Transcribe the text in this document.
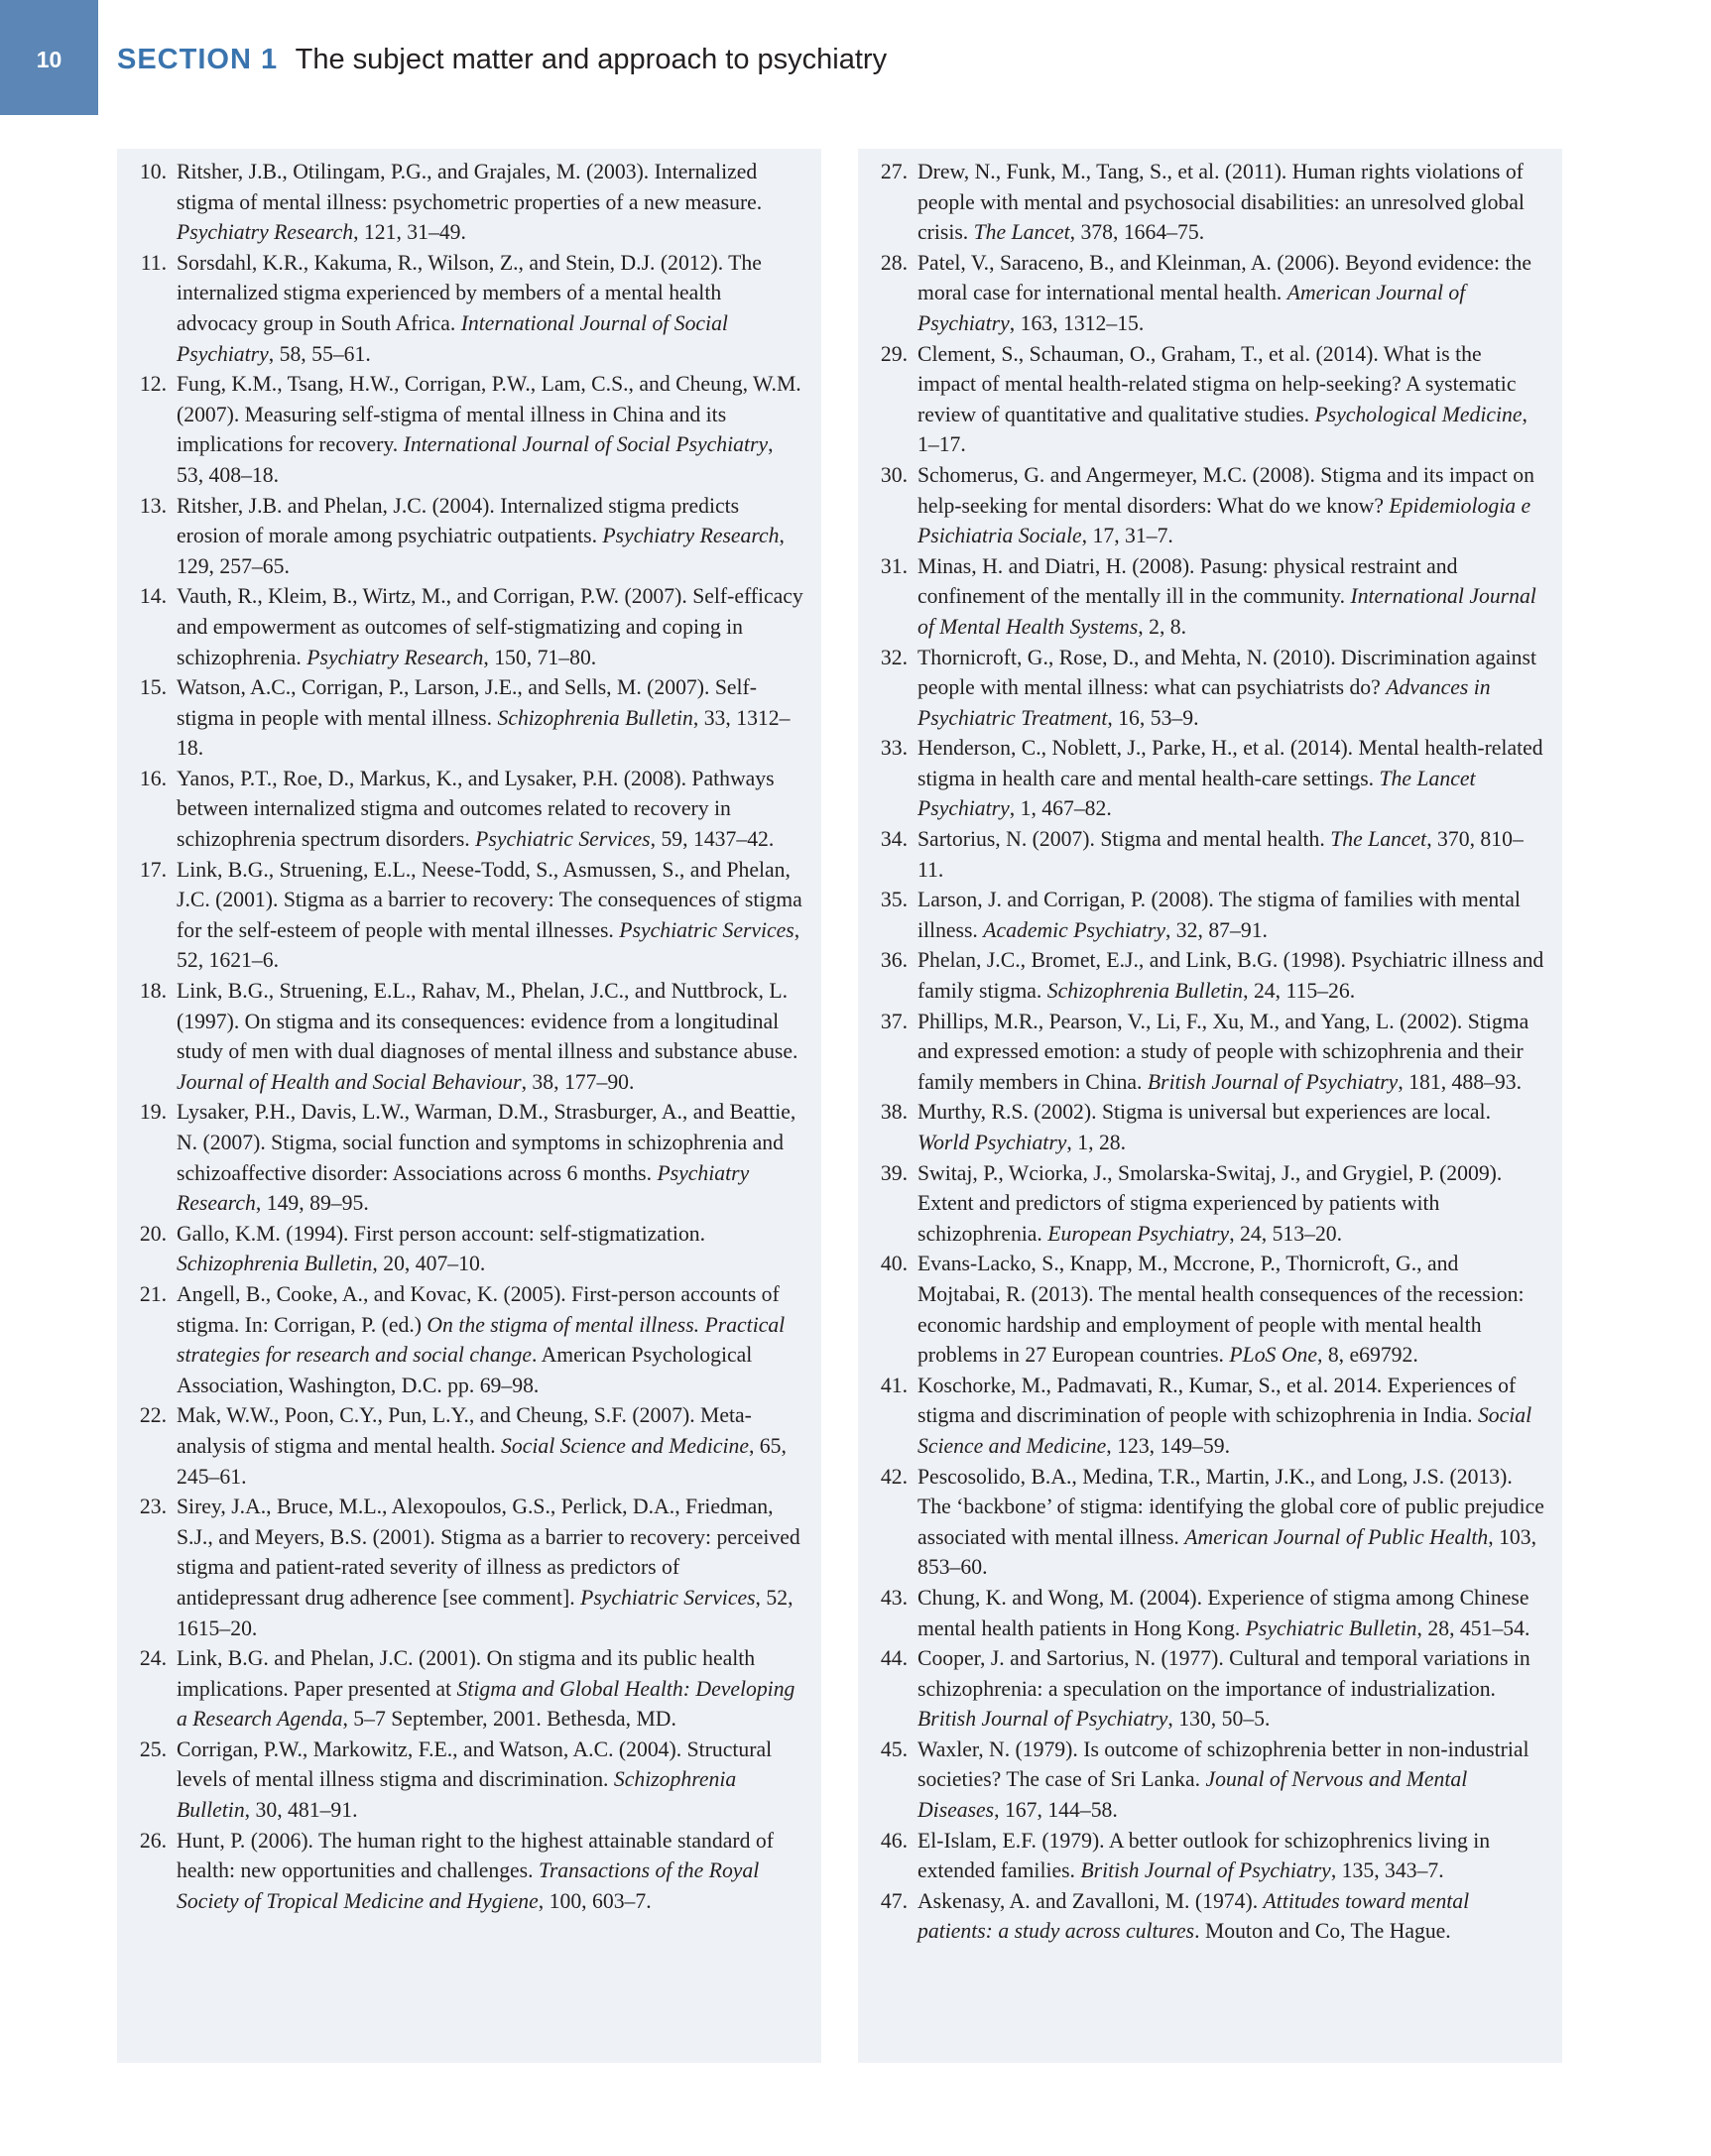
10 SECTION 1 The subject matter and approach to psychiatry
10. Ritsher, J.B., Otilingam, P.G., and Grajales, M. (2003). Internalized stigma of mental illness: psychometric properties of a new measure. Psychiatry Research, 121, 31–49.
11. Sorsdahl, K.R., Kakuma, R., Wilson, Z., and Stein, D.J. (2012). The internalized stigma experienced by members of a mental health advocacy group in South Africa. International Journal of Social Psychiatry, 58, 55–61.
12. Fung, K.M., Tsang, H.W., Corrigan, P.W., Lam, C.S., and Cheung, W.M. (2007). Measuring self-stigma of mental illness in China and its implications for recovery. International Journal of Social Psychiatry, 53, 408–18.
13. Ritsher, J.B. and Phelan, J.C. (2004). Internalized stigma predicts erosion of morale among psychiatric outpatients. Psychiatry Research, 129, 257–65.
14. Vauth, R., Kleim, B., Wirtz, M., and Corrigan, P.W. (2007). Self-efficacy and empowerment as outcomes of self-stigmatizing and coping in schizophrenia. Psychiatry Research, 150, 71–80.
15. Watson, A.C., Corrigan, P., Larson, J.E., and Sells, M. (2007). Self-stigma in people with mental illness. Schizophrenia Bulletin, 33, 1312–18.
16. Yanos, P.T., Roe, D., Markus, K., and Lysaker, P.H. (2008). Pathways between internalized stigma and outcomes related to recovery in schizophrenia spectrum disorders. Psychiatric Services, 59, 1437–42.
17. Link, B.G., Struening, E.L., Neese-Todd, S., Asmussen, S., and Phelan, J.C. (2001). Stigma as a barrier to recovery: The consequences of stigma for the self-esteem of people with mental illnesses. Psychiatric Services, 52, 1621–6.
18. Link, B.G., Struening, E.L., Rahav, M., Phelan, J.C., and Nuttbrock, L. (1997). On stigma and its consequences: evidence from a longitudinal study of men with dual diagnoses of mental illness and substance abuse. Journal of Health and Social Behaviour, 38, 177–90.
19. Lysaker, P.H., Davis, L.W., Warman, D.M., Strasburger, A., and Beattie, N. (2007). Stigma, social function and symptoms in schizophrenia and schizoaffective disorder: Associations across 6 months. Psychiatry Research, 149, 89–95.
20. Gallo, K.M. (1994). First person account: self-stigmatization. Schizophrenia Bulletin, 20, 407–10.
21. Angell, B., Cooke, A., and Kovac, K. (2005). First-person accounts of stigma. In: Corrigan, P. (ed.) On the stigma of mental illness. Practical strategies for research and social change. American Psychological Association, Washington, D.C. pp. 69–98.
22. Mak, W.W., Poon, C.Y., Pun, L.Y., and Cheung, S.F. (2007). Meta-analysis of stigma and mental health. Social Science and Medicine, 65, 245–61.
23. Sirey, J.A., Bruce, M.L., Alexopoulos, G.S., Perlick, D.A., Friedman, S.J., and Meyers, B.S. (2001). Stigma as a barrier to recovery: perceived stigma and patient-rated severity of illness as predictors of antidepressant drug adherence [see comment]. Psychiatric Services, 52, 1615–20.
24. Link, B.G. and Phelan, J.C. (2001). On stigma and its public health implications. Paper presented at Stigma and Global Health: Developing a Research Agenda, 5–7 September, 2001. Bethesda, MD.
25. Corrigan, P.W., Markowitz, F.E., and Watson, A.C. (2004). Structural levels of mental illness stigma and discrimination. Schizophrenia Bulletin, 30, 481–91.
26. Hunt, P. (2006). The human right to the highest attainable standard of health: new opportunities and challenges. Transactions of the Royal Society of Tropical Medicine and Hygiene, 100, 603–7.
27. Drew, N., Funk, M., Tang, S., et al. (2011). Human rights violations of people with mental and psychosocial disabilities: an unresolved global crisis. The Lancet, 378, 1664–75.
28. Patel, V., Saraceno, B., and Kleinman, A. (2006). Beyond evidence: the moral case for international mental health. American Journal of Psychiatry, 163, 1312–15.
29. Clement, S., Schauman, O., Graham, T., et al. (2014). What is the impact of mental health-related stigma on help-seeking? A systematic review of quantitative and qualitative studies. Psychological Medicine, 1–17.
30. Schomerus, G. and Angermeyer, M.C. (2008). Stigma and its impact on help-seeking for mental disorders: What do we know? Epidemiologia e Psichiatria Sociale, 17, 31–7.
31. Minas, H. and Diatri, H. (2008). Pasung: physical restraint and confinement of the mentally ill in the community. International Journal of Mental Health Systems, 2, 8.
32. Thornicroft, G., Rose, D., and Mehta, N. (2010). Discrimination against people with mental illness: what can psychiatrists do? Advances in Psychiatric Treatment, 16, 53–9.
33. Henderson, C., Noblett, J., Parke, H., et al. (2014). Mental health-related stigma in health care and mental health-care settings. The Lancet Psychiatry, 1, 467–82.
34. Sartorius, N. (2007). Stigma and mental health. The Lancet, 370, 810–11.
35. Larson, J. and Corrigan, P. (2008). The stigma of families with mental illness. Academic Psychiatry, 32, 87–91.
36. Phelan, J.C., Bromet, E.J., and Link, B.G. (1998). Psychiatric illness and family stigma. Schizophrenia Bulletin, 24, 115–26.
37. Phillips, M.R., Pearson, V., Li, F., Xu, M., and Yang, L. (2002). Stigma and expressed emotion: a study of people with schizophrenia and their family members in China. British Journal of Psychiatry, 181, 488–93.
38. Murthy, R.S. (2002). Stigma is universal but experiences are local. World Psychiatry, 1, 28.
39. Switaj, P., Wciorka, J., Smolarska-Switaj, J., and Grygiel, P. (2009). Extent and predictors of stigma experienced by patients with schizophrenia. European Psychiatry, 24, 513–20.
40. Evans-Lacko, S., Knapp, M., Mccrone, P., Thornicroft, G., and Mojtabai, R. (2013). The mental health consequences of the recession: economic hardship and employment of people with mental health problems in 27 European countries. PLoS One, 8, e69792.
41. Koschorke, M., Padmavati, R., Kumar, S., et al. 2014. Experiences of stigma and discrimination of people with schizophrenia in India. Social Science and Medicine, 123, 149–59.
42. Pescosolido, B.A., Medina, T.R., Martin, J.K., and Long, J.S. (2013). The ‘backbone’ of stigma: identifying the global core of public prejudice associated with mental illness. American Journal of Public Health, 103, 853–60.
43. Chung, K. and Wong, M. (2004). Experience of stigma among Chinese mental health patients in Hong Kong. Psychiatric Bulletin, 28, 451–54.
44. Cooper, J. and Sartorius, N. (1977). Cultural and temporal variations in schizophrenia: a speculation on the importance of industrialization. British Journal of Psychiatry, 130, 50–5.
45. Waxler, N. (1979). Is outcome of schizophrenia better in non-industrial societies? The case of Sri Lanka. Jounal of Nervous and Mental Diseases, 167, 144–58.
46. El-Islam, E.F. (1979). A better outlook for schizophrenics living in extended families. British Journal of Psychiatry, 135, 343–7.
47. Askenasy, A. and Zavalloni, M. (1974). Attitudes toward mental patients: a study across cultures. Mouton and Co, The Hague.
